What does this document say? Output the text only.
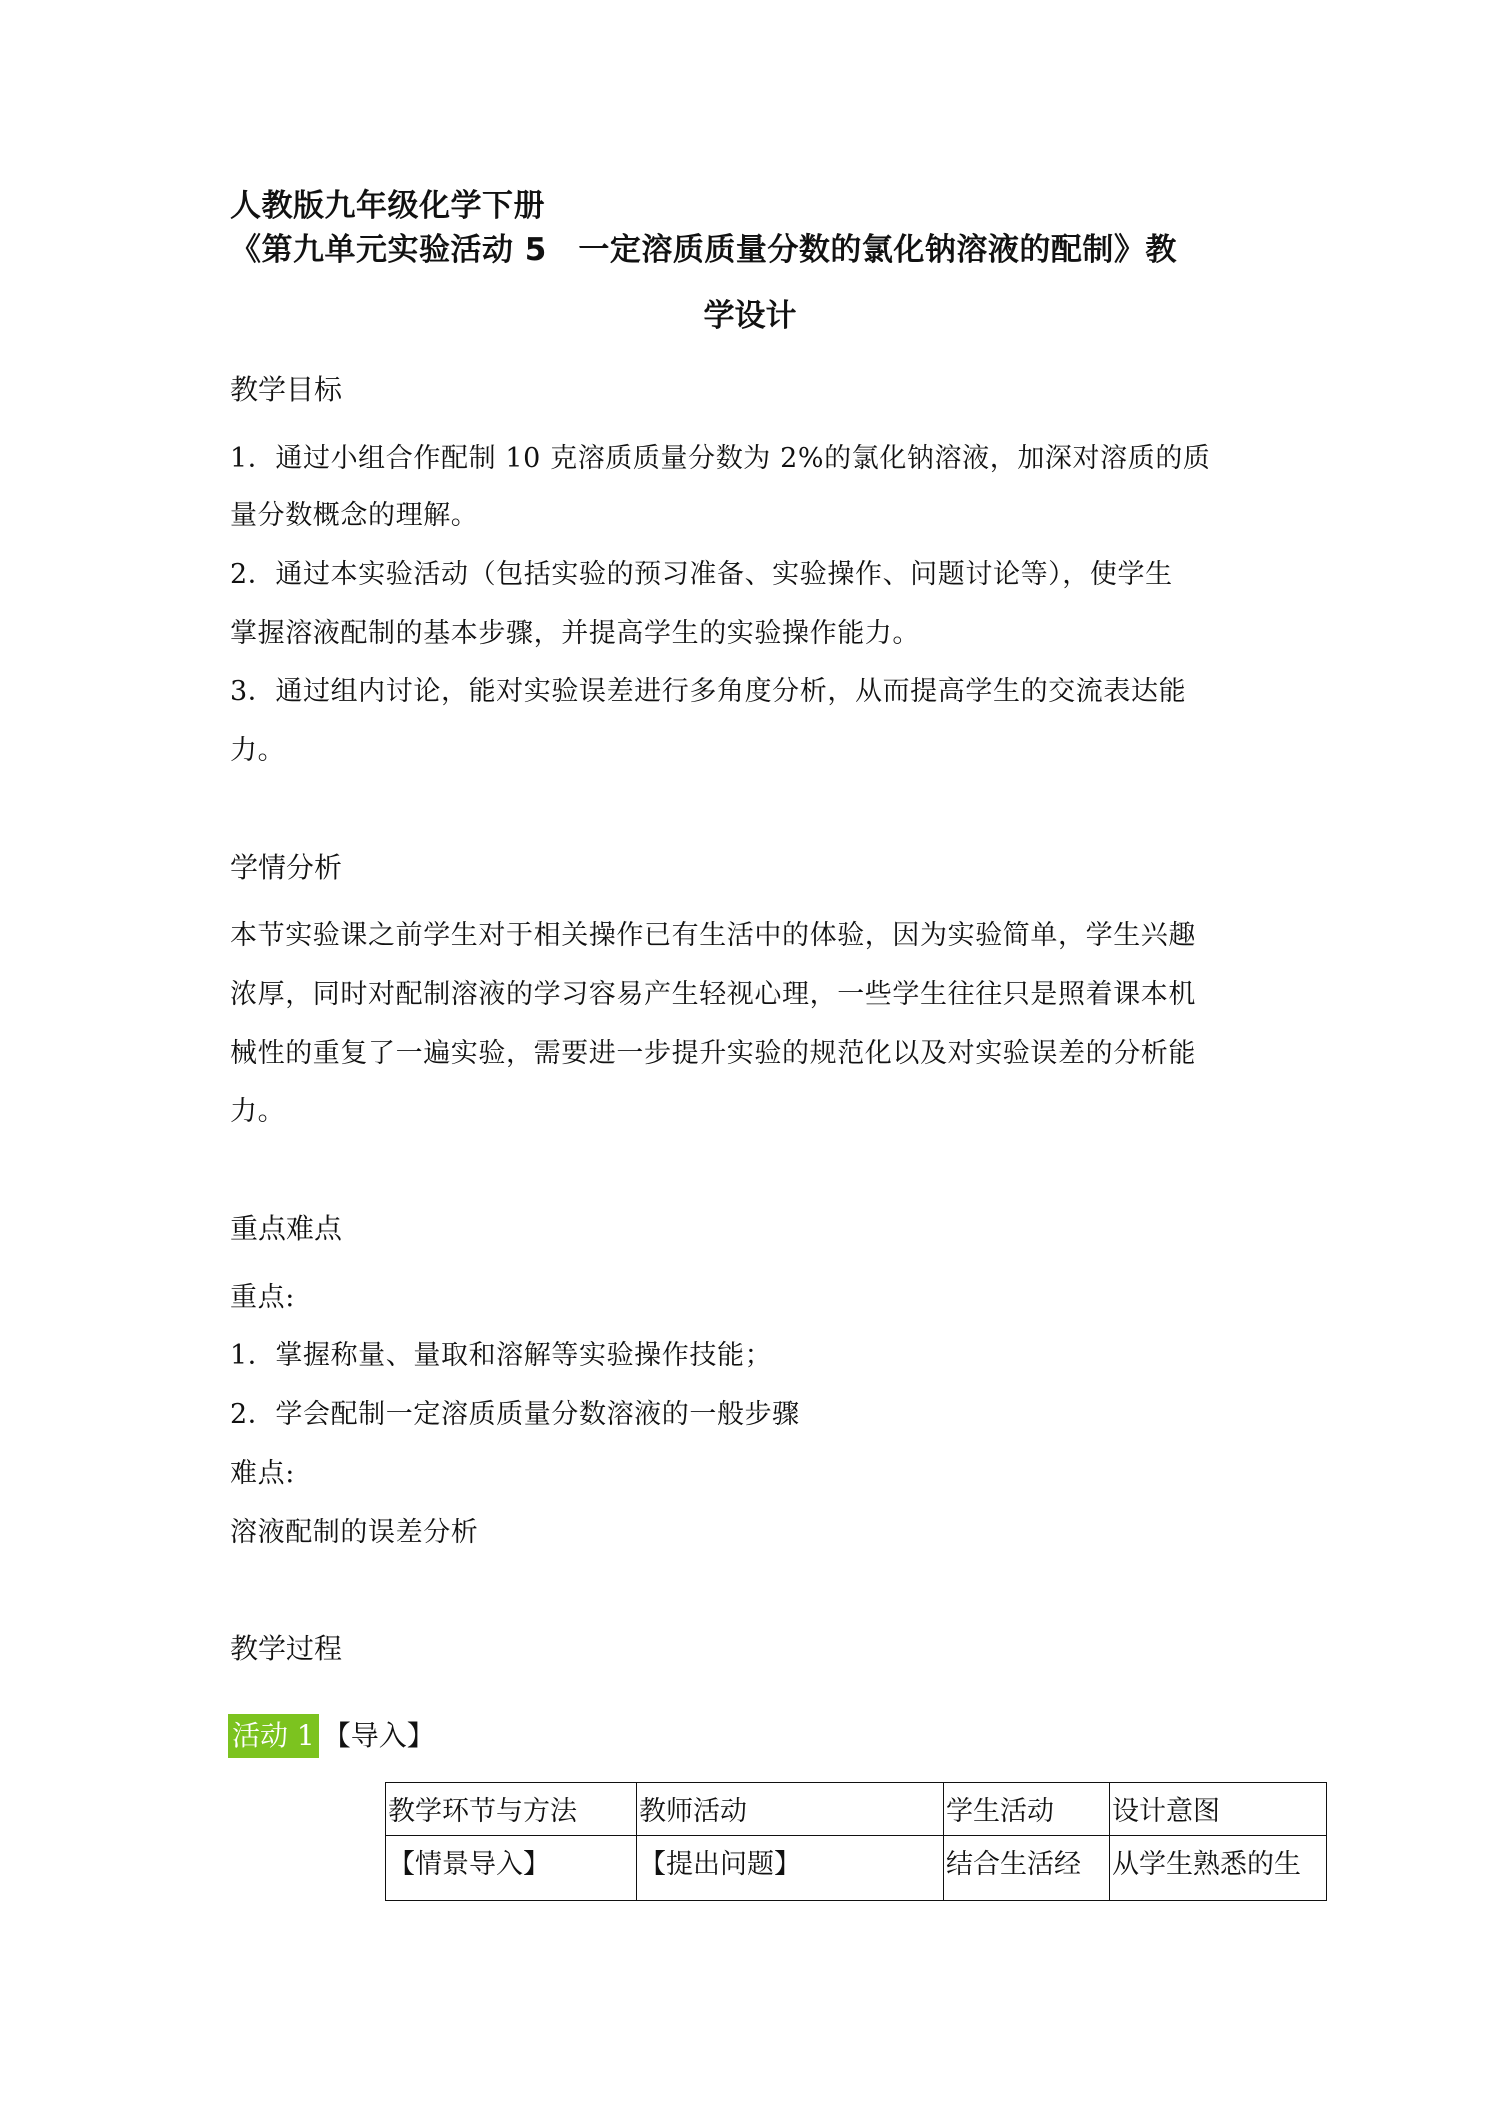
人教版九年级化学下册
《第九单元实验活动 5　一定溶质质量分数的氯化钠溶液的配制》教
学设计
教学目标
1．通过小组合作配制 10 克溶质质量分数为 2%的氯化钠溶液，加深对溶质的质
量分数概念的理解。
2．通过本实验活动（包括实验的预习准备、实验操作、问题讨论等），使学生
掌握溶液配制的基本步骤，并提高学生的实验操作能力。
3．通过组内讨论，能对实验误差进行多角度分析，从而提高学生的交流表达能
力。
学情分析
本节实验课之前学生对于相关操作已有生活中的体验，因为实验简单，学生兴趣
浓厚，同时对配制溶液的学习容易产生轻视心理，一些学生往往只是照着课本机
械性的重复了一遍实验，需要进一步提升实验的规范化以及对实验误差的分析能
力。
重点难点
重点:
1．掌握称量、量取和溶解等实验操作技能；
2．学会配制一定溶质质量分数溶液的一般步骤
难点:
溶液配制的误差分析
教学过程
活动 1 【导入】
教学环节与方法	教师活动	学生活动	设计意图
【情景导入】	【提出问题】	结合生活经	从学生熟悉的生
